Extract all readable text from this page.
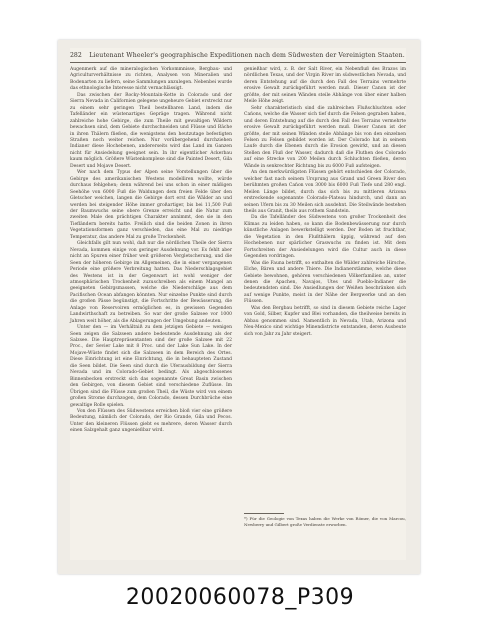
282	Lieutenant Wheeler's geographische Expeditionen nach dem Südwesten der Vereinigten Staaten.

Augenmerk auf die mineralogischen Vorkommnisse, Bergbau- und Agriculturverhältnisse zu richten, Analysen von Mineralien und Bodenarten zu liefern, seine Sammlungen anzulegen. Nebenbei wurde das ethnologische Interesse nicht vernachlässigt.

Das zwischen der Rocky-Mountain-Kette in Colorado und der Sierra Nevada in Californien gelegene ungeheure Gebiet erstreckt nur zu einem sehr geringen Theil bestellbaren Land, indem die Tafelländer ein wüstenartiges Gepräge tragen. Während nicht zahlreiche hohe Gebirge, die zum Theile mit gewaltigen Wäldern bewachsen sind, dem Gebiete durchschneiden und Flüsse und Bäche in ihren Thälern fließen, die wenigstens den heutzutage befestigten Straßen noch weiter reichen. Nur vorübergehend durchziehen Indianer diese Hochebenen, andererseits wird das Land im Ganzen nicht für Ansiedelung geeignet sein. In ihr eigentlicher Ackerbau kaum möglich. Größere Wüstenkomplexe sind die Painted Desert, Gila Desert und Mojave Desert.

Wer nach dem Typus der Alpen seine Vorstellungen über die Gebirge des amerikanischen Westens modelliren wollte, würde durchaus fehlgehen; denn während bei uns schon in einer mäßigen Seehöhe von 6000 Fuß die Waldungen dem freien Felde über den Gletscher weichen, langen die Gebirge dort erst die Wälder an und werden bei steigender Höhe immer großartiger, bis bei 11,500 Fuß der Baumwuchs seine obere Grenze erreicht und die Natur zum zweiten Male den prächtigen Charakter annimmt, den sie in den Tiefländern bereits hatte. Freilich sind die beiden Zonen in ihren Vegetationsformen ganz verschieden, das eine Mal zu niedrige Temperatur, das andere Mal zu große Trockenheit.

Gleichfalls gilt nun wohl, daß nur die nördlichen Theile der Sierra Nevada, kommen einige von geringer Ausdehnung vor. Es fehlt aber nicht an Spuren einer früher weit größeren Vergletscherung, und die Seen der höheren Gebirge im Allgemeinen, die in einer vergangenen Periode eine größere Verbreitung hatten. Das Niederschlagsgebiet des Westens ist in der Gegenwart ist wohl weniger der atmosphärischen Trockenheit zuzuschreiben als einem Mangel an geeigneten Gebirgsmassen, welche die Niederschläge aus dem Pacifischen Ocean abfangen könnten. Nur einzelne Punkte sind durch die großen Pässe begünstigt, die Fortschritte der Bewässerung, die Anlage von Reservoiren ermöglichen es, in gewissen Gegenden Landwirthschaft zu betreiben. So war der große Salzsee vor 1000 Jahren weit höher, als die Ablagerungen der Umgebung andeuten.

Unter den — im Verhältniß zu dem jetzigen Gebiete — wenigen Seen zeigen die Salzseen andere bedeutende Ausdehnung als der Salzsee. Die Hauptrepräsentanten sind der große Salzsee mit 22 Proc., der Sevier Lake mit 8 Proc. und der Lake Sun Lake. In der Mojave-Wüste findet sich die Salzseen in dem Bereich des Ortes. Diese Einrichtung ist eine Einrichtung, die in behaupteten Zustand die Seen bildet. Die Seen sind durch die Uferausbildung der Sierra Nevada und im Colorado-Gebiet bedingt. Als abgeschlossenes Binnenbecken erstreckt sich das sogenannte Great Basin zwischen den Gebirgen, von diesem Gebiet sind verschiedene Zuflüsse. Im Übrigen sind die Flüsse zum großen Theil, die Wüste wird von einem großen Strome durchzogen, dem Colorado, dessen Durchbrüche eine gewaltige Rolle spielen.

Von den Flüssen des Südwestens erreichen bloß vier eine größere Bedeutung, nämlich der Colorado, der Rio Grande, Gila und Pecos. Unter den kleineren Flüssen giebt es mehrere, deren Wasser durch einen Salzgehalt ganz ungenießbar wird.

genießbar wird, z. B. der Salt River, ein Nebenfluß des Brazos im nördlichen Texas, und der Virgin River im südwestlichen Nevada, und deren Entstehung auf die durch den Fall des Terrains vermehrte erosive Gewalt zurückgeführt werden muß. Dieser Canon ist der größte, der mit seinen Wänden steile Abhänge von über einer halben Meile Höhe zeigt.

Sehr charakteristisch sind die zahlreichen Flußschluchten oder Cañons, welche die Wasser sich tief durch die Felsen gegraben haben, und deren Entstehung auf die durch den Fall des Terrains vermehrte erosive Gewalt zurückgeführt werden muß. Dieser Canon ist der größte, der mit seinen Wänden steile Abhänge bis von den einzelnen Felsen zu Felsen gebildet worden ist. Der Colorado hat in seinem Laufe durch die Ebenen durch die Erosion gewirkt, und an diesen Stellen den Fluß der Wasser, dadurch daß die Fluthen des Colorado auf eine Strecke von 200 Meilen durch Schluchten fließen, deren Wände in senkrechter Richtung bis zu 6000 Fuß aufsteigen.

An den merkwürdigsten Flüssen gehört entschieden der Colorado, welcher fast nach seinem Ursprung aus Grand und Green River den berühmten großen Cañon von 3000 bis 6000 Fuß Tiefe und 280 engl. Meilen Länge bildet, durch das sich bis zu mittleren Arizona erstreckende sogenannte Colorado-Plateau hindurch, und dann an seinen Ufern bis zu 30 Meilen sich ausdehnt. Die Steilwände bestehen theils aus Granit, theils aus rothem Sandstein.

Da die Tafelländer des Südwestens von großer Trockenheit des Klimas zu leiden haben, so kann die Bodenbewässerung nur durch künstliche Anlagen bewerkstelligt werden. Der Boden ist fruchtbar, die Vegetation in den Flußthälern üppig, während auf den Hochebenen nur spärlicher Graswuchs zu finden ist. Mit dem Fortschreiten der Ansiedelungen wird die Cultur auch in diese Gegenden vordringen.

Was die Fauna betrifft, so enthalten die Wälder zahlreiche Hirsche, Elche, Bären und andere Thiere. Die Indianerstämme, welche diese Gebiete bewohnen, gehören verschiedenen Völkerfamilien an, unter denen die Apachen, Navajos, Utes und Pueblo-Indianer die bedeutendsten sind. Die Ansiedlungen der Weißen beschränken sich auf wenige Punkte, meist in der Nähe der Bergwerke und an den Flüssen.

Was den Bergbau betrifft, so sind in diesem Gebiete reiche Lager von Gold, Silber, Kupfer und Blei vorhanden, die theilweise bereits in Abbau genommen sind. Namentlich in Nevada, Utah, Arizona und Neu-Mexico sind wichtige Minendistricte entstanden, deren Ausbeute sich von Jahr zu Jahr steigert.

*) Für die Geologie von Texas haben die Werke von Römer, die von Marcou, Newberry und Gilbert große Verdienste erworben.
20020060078_P309
